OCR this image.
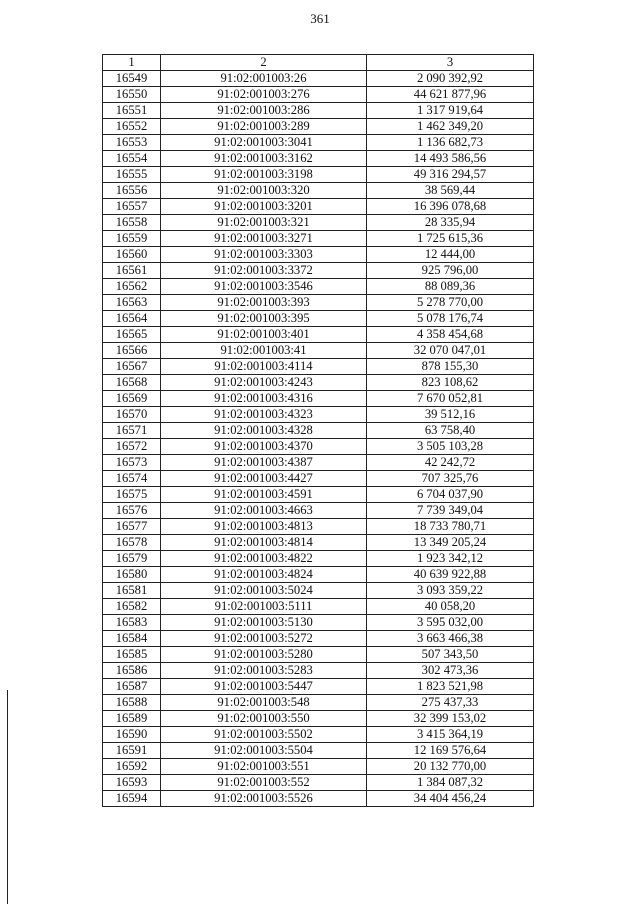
361
1	2	3
16549	91:02:001003:26	2 090 392,92
16550	91:02:001003:276	44 621 877,96
16551	91:02:001003:286	1 317 919,64
16552	91:02:001003:289	1 462 349,20
16553	91:02:001003:3041	1 136 682,73
16554	91:02:001003:3162	14 493 586,56
16555	91:02:001003:3198	49 316 294,57
16556	91:02:001003:320	38 569,44
16557	91:02:001003:3201	16 396 078,68
16558	91:02:001003:321	28 335,94
16559	91:02:001003:3271	1 725 615,36
16560	91:02:001003:3303	12 444,00
16561	91:02:001003:3372	925 796,00
16562	91:02:001003:3546	88 089,36
16563	91:02:001003:393	5 278 770,00
16564	91:02:001003:395	5 078 176,74
16565	91:02:001003:401	4 358 454,68
16566	91:02:001003:41	32 070 047,01
16567	91:02:001003:4114	878 155,30
16568	91:02:001003:4243	823 108,62
16569	91:02:001003:4316	7 670 052,81
16570	91:02:001003:4323	39 512,16
16571	91:02:001003:4328	63 758,40
16572	91:02:001003:4370	3 505 103,28
16573	91:02:001003:4387	42 242,72
16574	91:02:001003:4427	707 325,76
16575	91:02:001003:4591	6 704 037,90
16576	91:02:001003:4663	7 739 349,04
16577	91:02:001003:4813	18 733 780,71
16578	91:02:001003:4814	13 349 205,24
16579	91:02:001003:4822	1 923 342,12
16580	91:02:001003:4824	40 639 922,88
16581	91:02:001003:5024	3 093 359,22
16582	91:02:001003:5111	40 058,20
16583	91:02:001003:5130	3 595 032,00
16584	91:02:001003:5272	3 663 466,38
16585	91:02:001003:5280	507 343,50
16586	91:02:001003:5283	302 473,36
16587	91:02:001003:5447	1 823 521,98
16588	91:02:001003:548	275 437,33
16589	91:02:001003:550	32 399 153,02
16590	91:02:001003:5502	3 415 364,19
16591	91:02:001003:5504	12 169 576,64
16592	91:02:001003:551	20 132 770,00
16593	91:02:001003:552	1 384 087,32
16594	91:02:001003:5526	34 404 456,24
